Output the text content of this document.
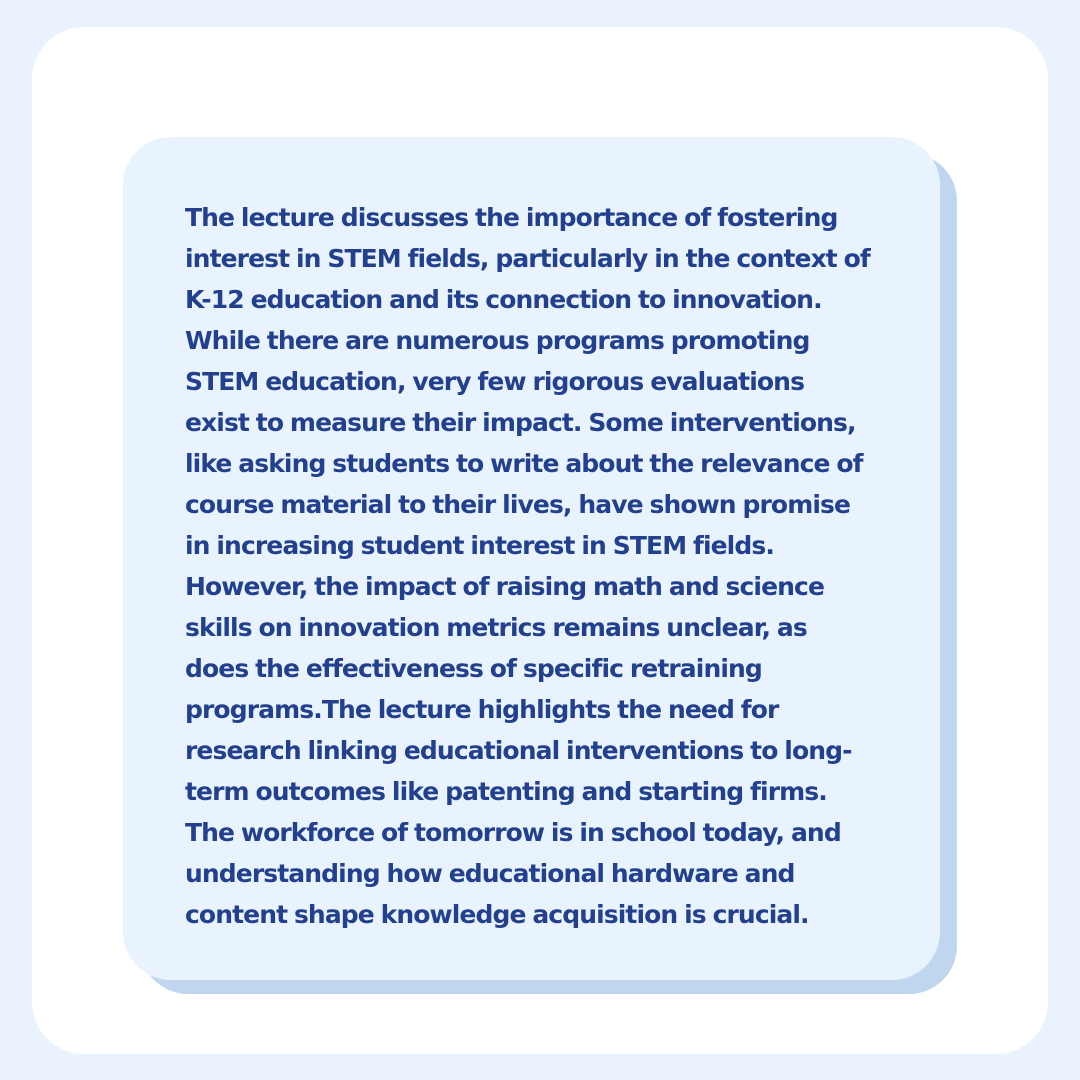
The lecture discusses the importance of fostering
interest in STEM fields, particularly in the context of
K-12 education and its connection to innovation.
While there are numerous programs promoting
STEM education, very few rigorous evaluations
exist to measure their impact. Some interventions,
like asking students to write about the relevance of
course material to their lives, have shown promise
in increasing student interest in STEM fields.
However, the impact of raising math and science
skills on innovation metrics remains unclear, as
does the effectiveness of specific retraining
programs.The lecture highlights the need for
research linking educational interventions to long-
term outcomes like patenting and starting firms.
The workforce of tomorrow is in school today, and
understanding how educational hardware and
content shape knowledge acquisition is crucial.
